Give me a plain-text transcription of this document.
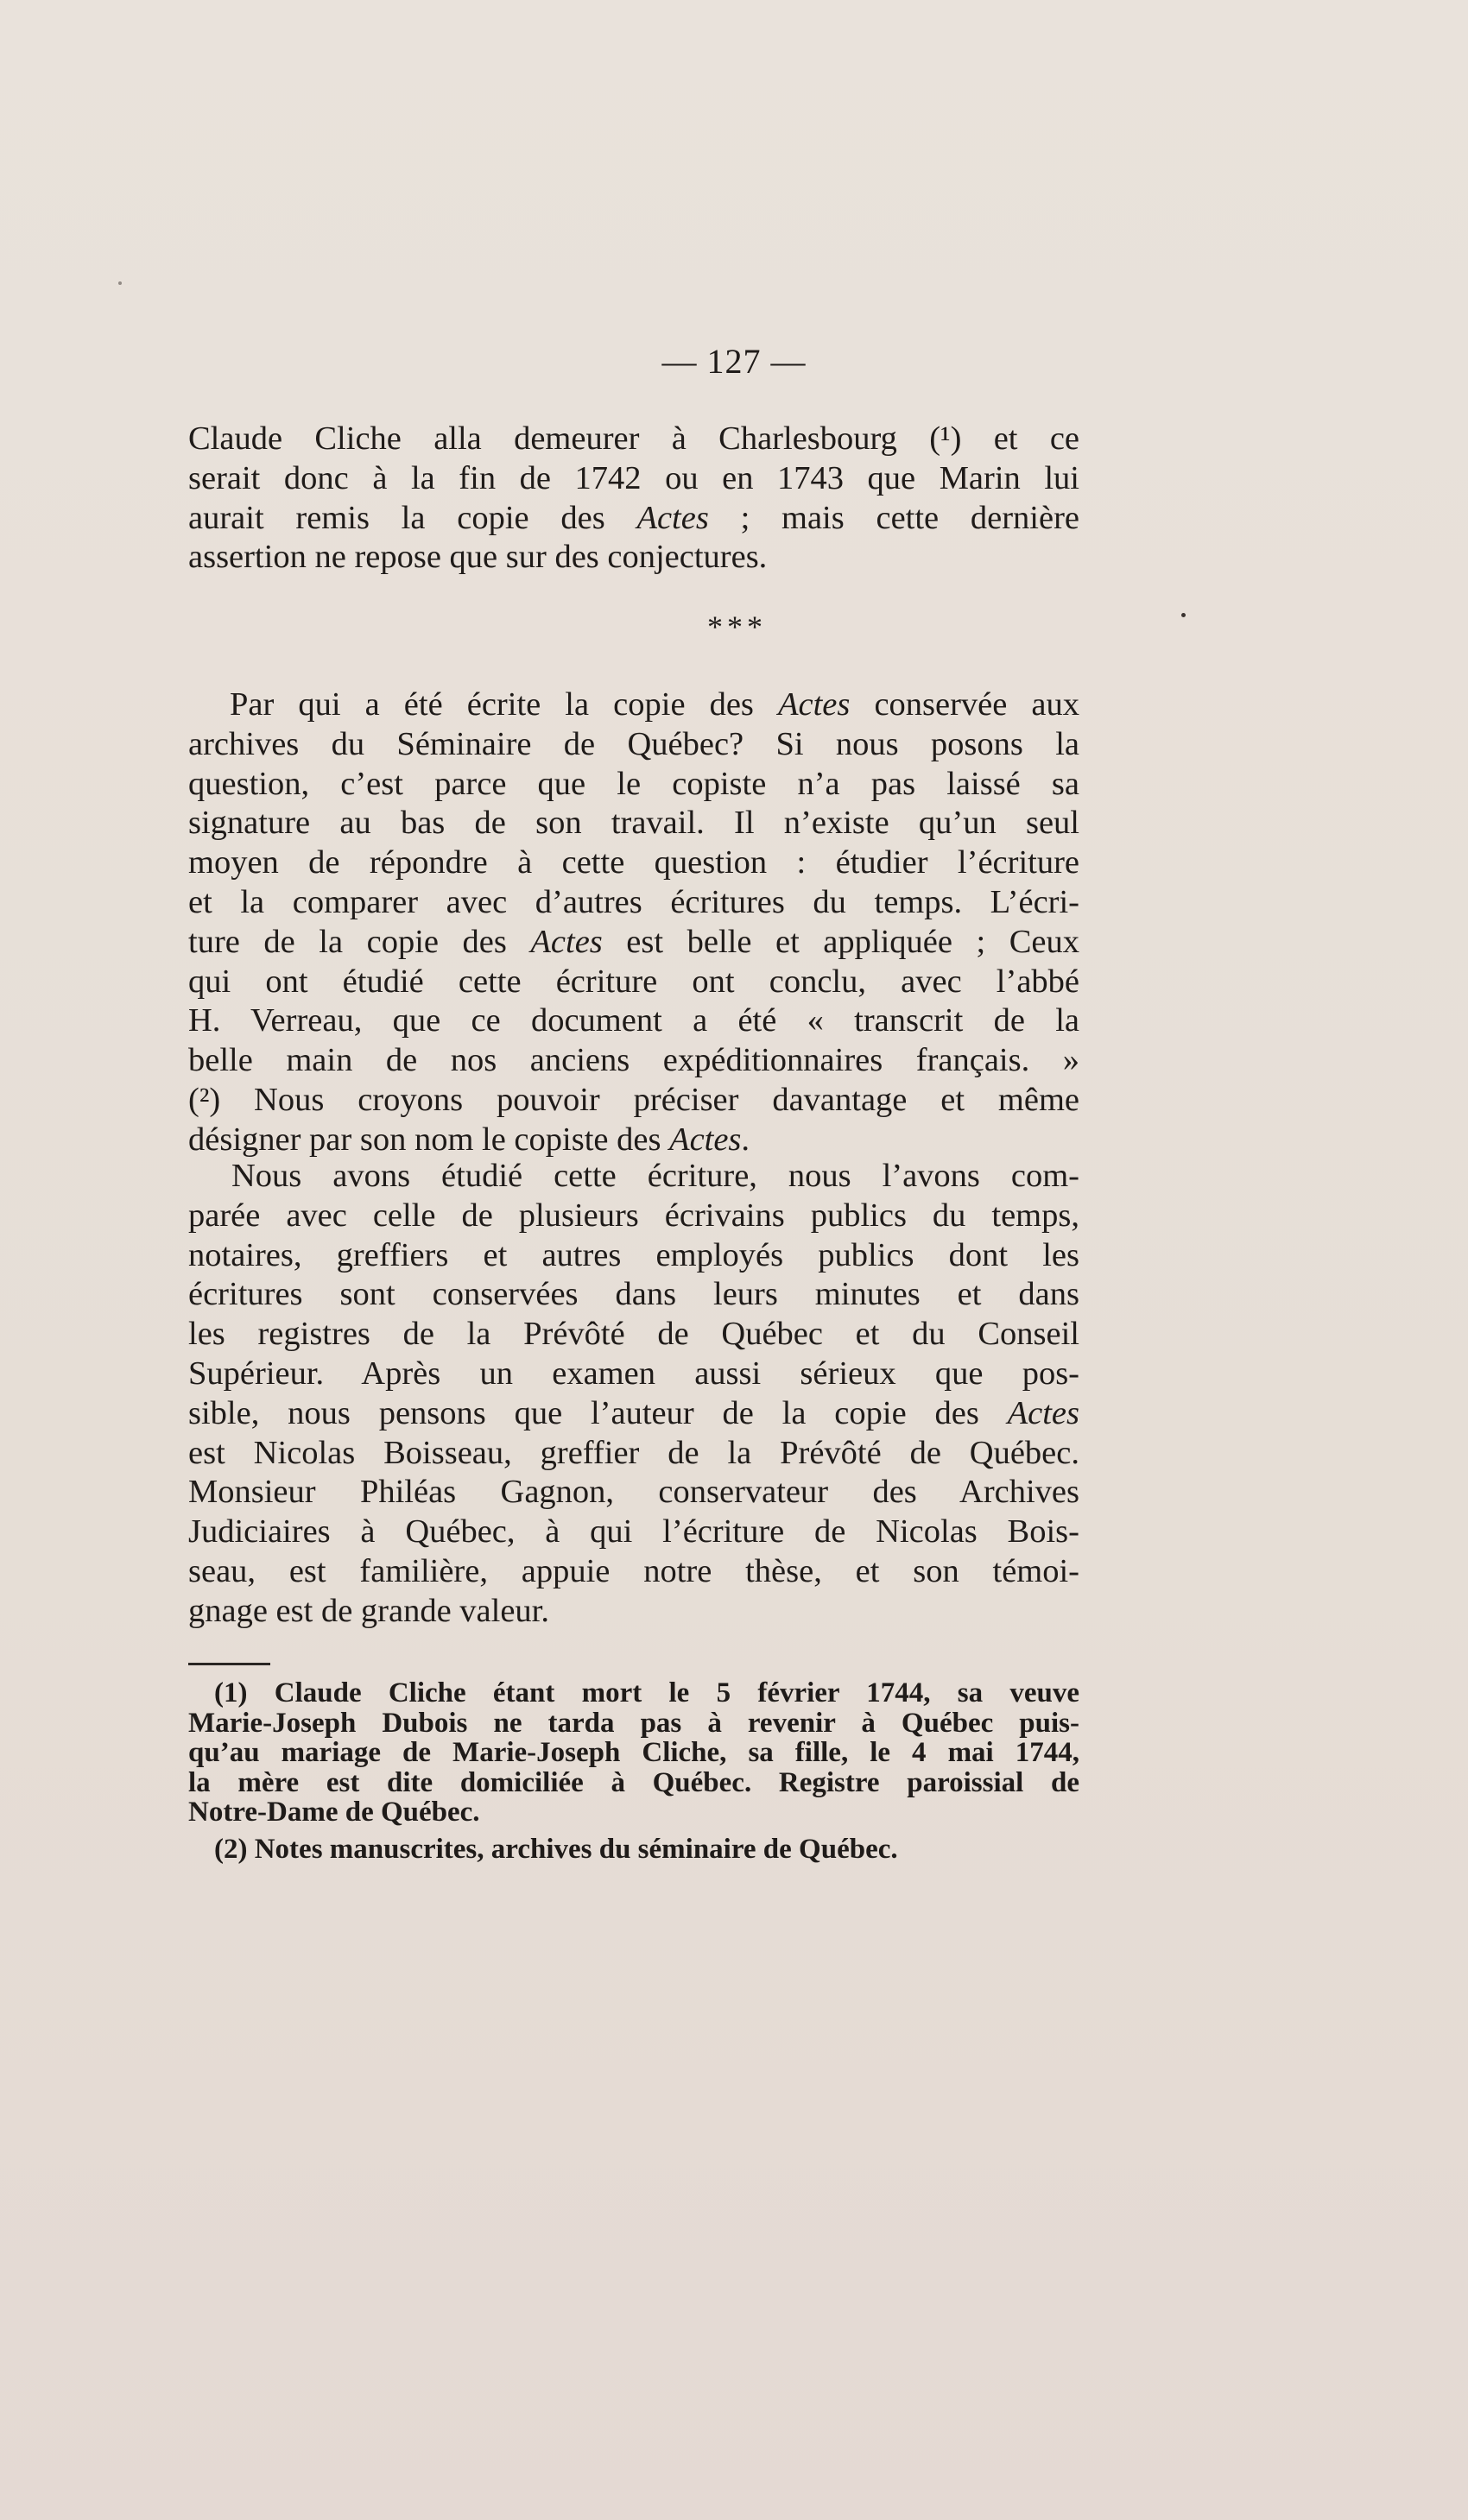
— 127 —
Claude Cliche alla demeurer à Charlesbourg (¹) et ce
serait donc à la fin de 1742 ou en 1743 que Marin lui
aurait remis la copie des Actes ; mais cette dernière
assertion ne repose que sur des conjectures.
* * *
Par qui a été écrite la copie des Actes conservée aux
archives du Séminaire de Québec? Si nous posons la
question, c’est parce que le copiste n’a pas laissé sa
signature au bas de son travail. Il n’existe qu’un seul
moyen de répondre à cette question : étudier l’écriture
et la comparer avec d’autres écritures du temps. L’écri-
ture de la copie des Actes est belle et appliquée ; Ceux
qui ont étudié cette écriture ont conclu, avec l’abbé
H. Verreau, que ce document a été « transcrit de la
belle main de nos anciens expéditionnaires français. »
(²) Nous croyons pouvoir préciser davantage et même
désigner par son nom le copiste des Actes.
Nous avons étudié cette écriture, nous l’avons com-
parée avec celle de plusieurs écrivains publics du temps,
notaires, greffiers et autres employés publics dont les
écritures sont conservées dans leurs minutes et dans
les registres de la Prévôté de Québec et du Conseil
Supérieur. Après un examen aussi sérieux que pos-
sible, nous pensons que l’auteur de la copie des Actes
est Nicolas Boisseau, greffier de la Prévôté de Québec.
Monsieur Philéas Gagnon, conservateur des Archives
Judiciaires à Québec, à qui l’écriture de Nicolas Bois-
seau, est familière, appuie notre thèse, et son témoi-
gnage est de grande valeur.
(1) Claude Cliche étant mort le 5 février 1744, sa veuve
Marie-Joseph Dubois ne tarda pas à revenir à Québec puis-
qu’au mariage de Marie-Joseph Cliche, sa fille, le 4 mai 1744,
la mère est dite domiciliée à Québec. Registre paroissial de
Notre-Dame de Québec.
(2) Notes manuscrites, archives du séminaire de Québec.
